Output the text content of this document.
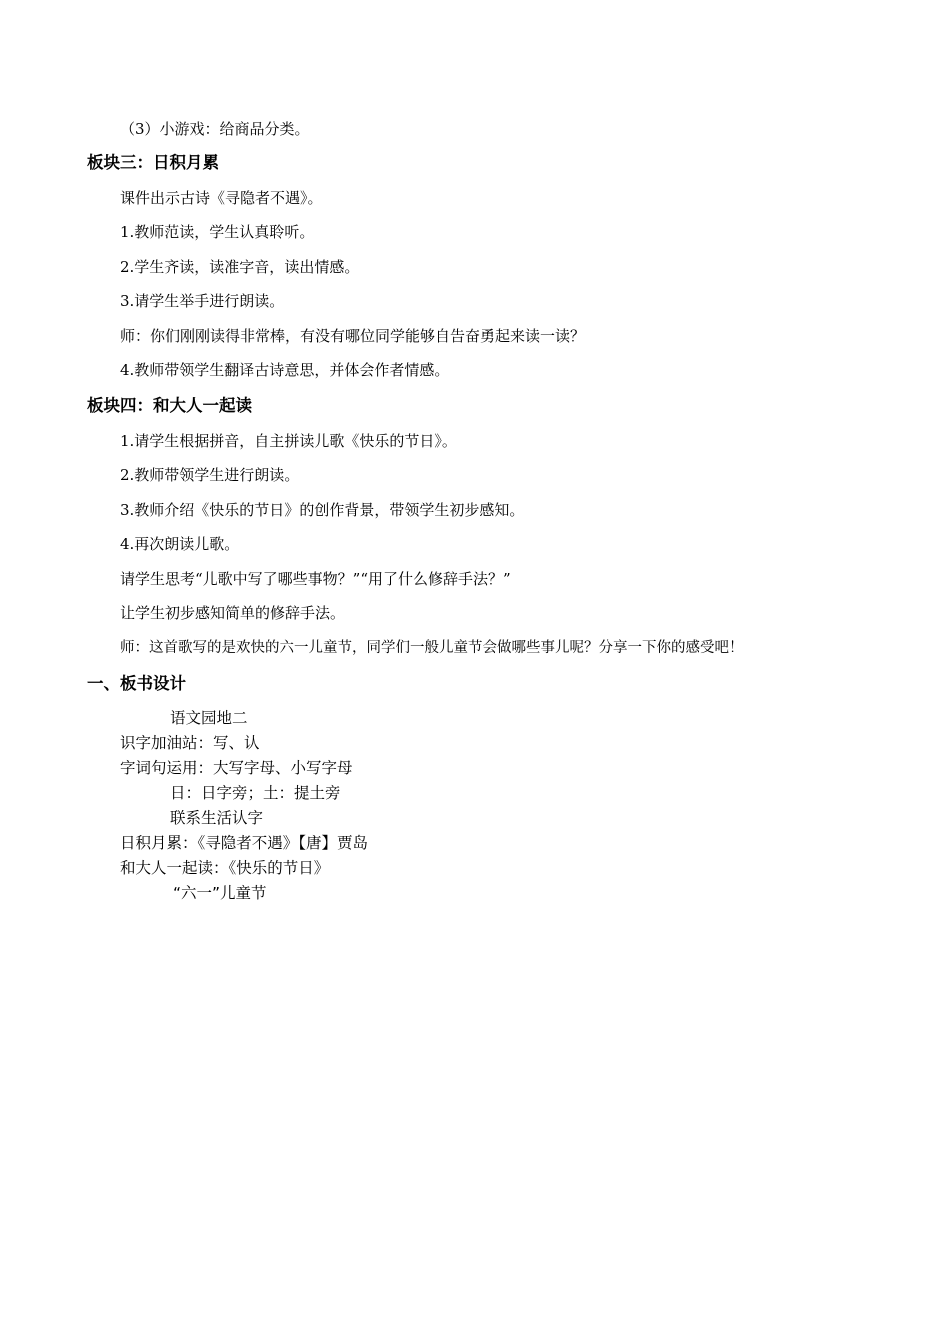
（3）小游戏：给商品分类。
板块三：日积月累
课件出示古诗《寻隐者不遇》。
1.教师范读，学生认真聆听。
2.学生齐读，读准字音，读出情感。
3.请学生举手进行朗读。
师：你们刚刚读得非常棒，有没有哪位同学能够自告奋勇起来读一读？
4.教师带领学生翻译古诗意思，并体会作者情感。
板块四：和大人一起读
1.请学生根据拼音，自主拼读儿歌《快乐的节日》。
2.教师带领学生进行朗读。
3.教师介绍《快乐的节日》的创作背景，带领学生初步感知。
4.再次朗读儿歌。
请学生思考“儿歌中写了哪些事物？”“用了什么修辞手法？”
让学生初步感知简单的修辞手法。
师：这首歌写的是欢快的六一儿童节，同学们一般儿童节会做哪些事儿呢？分享一下你的感受吧！
一、板书设计
语文园地二
识字加油站：写、认
字词句运用：大写字母、小写字母
日：日字旁；土：提土旁
联系生活认字
日积月累：《寻隐者不遇》【唐】贾岛
和大人一起读：《快乐的节日》
“六一”儿童节
